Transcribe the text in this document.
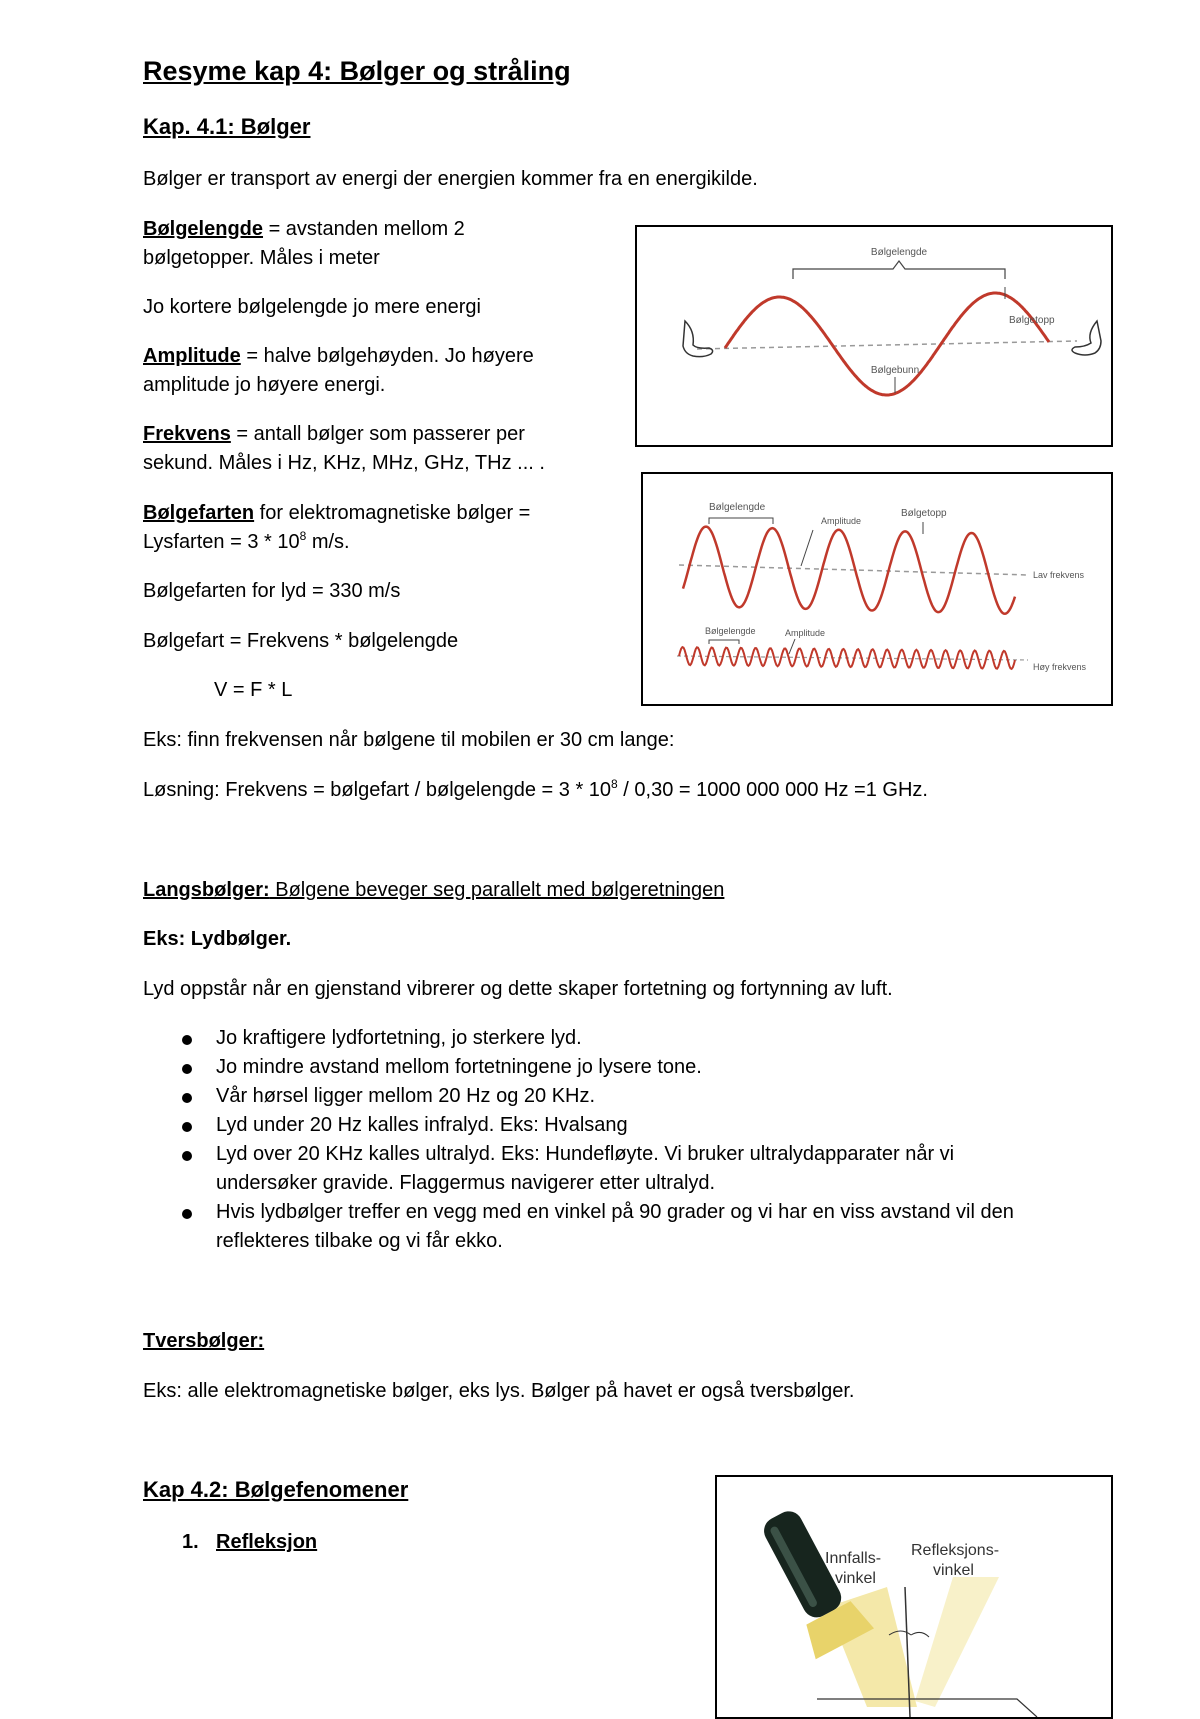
Resyme kap 4: Bølger og stråling
Kap. 4.1: Bølger
Bølger er transport av energi der energien kommer fra en energikilde.
Bølgelengde = avstanden mellom 2
bølgetopper. Måles i meter
Jo kortere bølgelengde jo mere energi
Amplitude = halve bølgehøyden. Jo høyere
amplitude jo høyere energi.
Frekvens = antall bølger som passerer per
sekund. Måles i Hz, KHz, MHz, GHz, THz ... .
Bølgefarten for elektromagnetiske bølger =
Lysfarten = $3 * 10^8$ m/s.
Bølgefarten for lyd = 330 m/s
Bølgefart = Frekvens * bølgelengde
V = F * L
Eks: finn frekvensen når bølgene til mobilen er 30 cm lange:
Løsning: Frekvens = bølgefart / bølgelengde = $3 * 10^8 / 0,30 = 1000$ 000 000 Hz =1 GHz.
Bølgelengde
Bølgetopp
Bølgebunn
Bølgelengde
Amplitude
Bølgetopp
Lav frekvens
Bølgelengde	Amplitude
Høy frekvens
Langsbølger: Bølgene beveger seg parallelt med bølgeretningen
Eks: Lydbølger.
Lyd oppstår når en gjenstand vibrerer og dette skaper fortetning og fortynning av luft.
Jo kraftigere lydfortetning, jo sterkere lyd.
Jo mindre avstand mellom fortetningene jo lysere tone.
Vår hørsel ligger mellom 20 Hz og 20 KHz.
Lyd under 20 Hz kalles infralyd. Eks: Hvalsang
Lyd over 20 KHz kalles ultralyd. Eks: Hundefløyte. Vi bruker ultralydapparater når vi
undersøker gravide. Flaggermus navigerer etter ultralyd.
Hvis lydbølger treffer en vegg med en vinkel på 90 grader og vi har en viss avstand vil den
reflekteres tilbake og vi får ekko.
Tversbølger:
Eks: alle elektromagnetiske bølger, eks lys. Bølger på havet er også tversbølger.
Kap 4.2: Bølgefenomener
1. Refleksjon
Innfalls-
vinkel
Refleksjons-
vinkel
